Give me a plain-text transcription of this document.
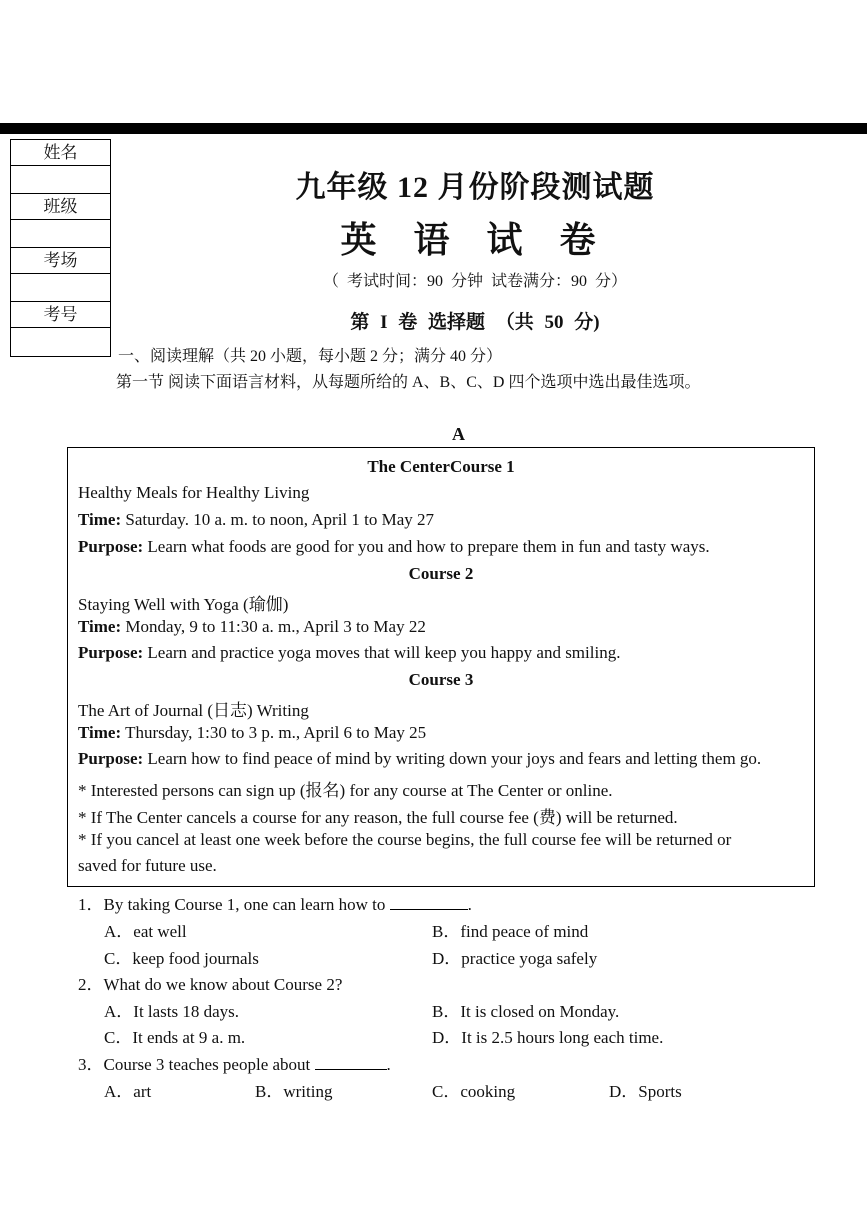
姓名
班级
考场
考号
九年级 12 月份阶段测试题
英 语 试 卷
（ 考试时间：90 分钟 试卷满分：90 分）
第 I 卷 选择题 （共 50 分)
一、阅读理解（共 20 小题，每小题 2 分；满分 40 分）
第一节 阅读下面语言材料，从每题所给的 A、B、C、D 四个选项中选出最佳选项。
A
The CenterCourse 1
Healthy Meals for Healthy Living
Time: Saturday. 10 a. m. to noon, April 1 to May 27
Purpose: Learn what foods are good for you and how to prepare them in fun and tasty ways.
Course 2
Staying Well with Yoga (瑜伽)
Time: Monday, 9 to 11:30 a. m., April 3 to May 22
Purpose: Learn and practice yoga moves that will keep you happy and smiling.
Course 3
The Art of Journal (日志) Writing
Time: Thursday, 1:30 to 3 p. m., April 6 to May 25
Purpose: Learn how to find peace of mind by writing down your joys and fears and letting them go.
* Interested persons can sign up (报名) for any course at The Center or online.
* If The Center cancels a course for any reason, the full course fee (费) will be returned.
* If you cancel at least one week before the course begins, the full course fee will be returned or
saved for future use.
1．By taking Course 1, one can learn how to	.
A．eat well	B．find peace of mind
C．keep food journals	D．practice yoga safely
2．What do we know about Course 2?
A．It lasts 18 days.	B．It is closed on Monday.
C．It ends at 9 a. m.	D．It is 2.5 hours long each time.
3．Course 3 teaches people about	.
A．art	B．writing	C．cooking	D．Sports
